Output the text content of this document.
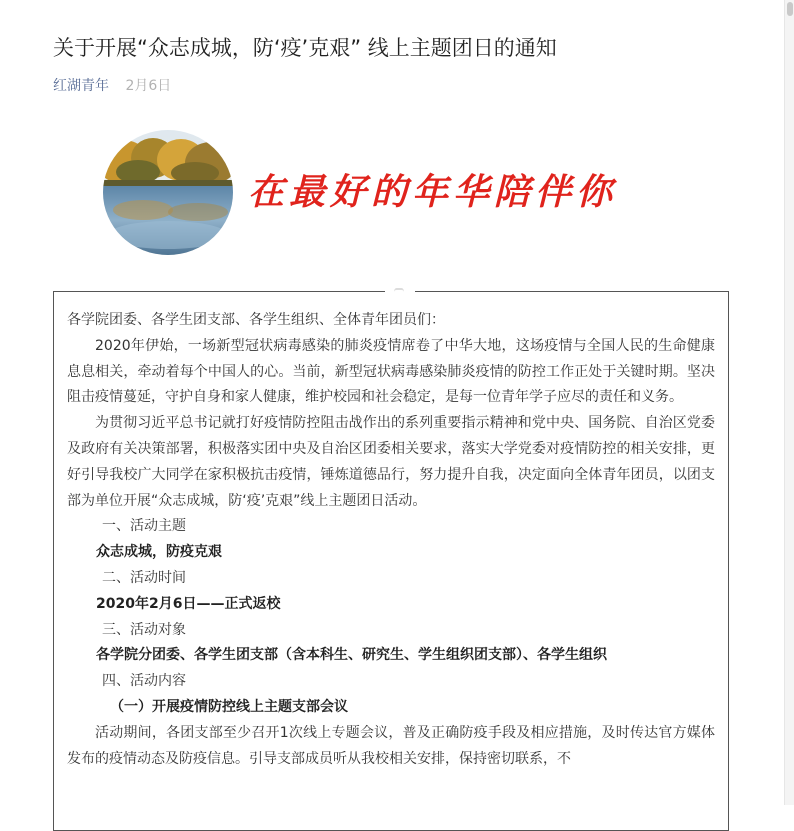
关于开展“众志成城，防‘疫’克艰” 线上主题团日的通知
红湖青年 2月6日
在最好的年华陪伴你

各学院团委、各学生团支部、各学生组织、全体青年团员们：

2020年伊始，一场新型冠状病毒感染的肺炎疫情席卷了中华大地，这场疫情与全国人民的生命健康息息相关，牵动着每个中国人的心。当前，新型冠状病毒感染肺炎疫情的防控工作正处于关键时期。坚决阻击疫情蔓延，守护自身和家人健康，维护校园和社会稳定，是每一位青年学子应尽的责任和义务。

为贯彻习近平总书记就打好疫情防控阻击战作出的系列重要指示精神和党中央、国务院、自治区党委及政府有关决策部署，积极落实团中央及自治区团委相关要求，落实大学党委对疫情防控的相关安排，更好引导我校广大同学在家积极抗击疫情，锤炼道德品行，努力提升自我，决定面向全体青年团员，以团支部为单位开展“众志成城，防‘疫’克艰”线上主题团日活动。

一、活动主题

众志成城，防疫克艰

二、活动时间

2020年2月6日——正式返校

三、活动对象

各学院分团委、各学生团支部（含本科生、研究生、学生组织团支部）、各学生组织

四、活动内容

（一）开展疫情防控线上主题支部会议

活动期间，各团支部至少召开1次线上专题会议，普及正确防疫手段及相应措施，及时传达官方媒体发布的疫情动态及防疫信息。引导支部成员听从我校相关安排，保持密切联系，不
